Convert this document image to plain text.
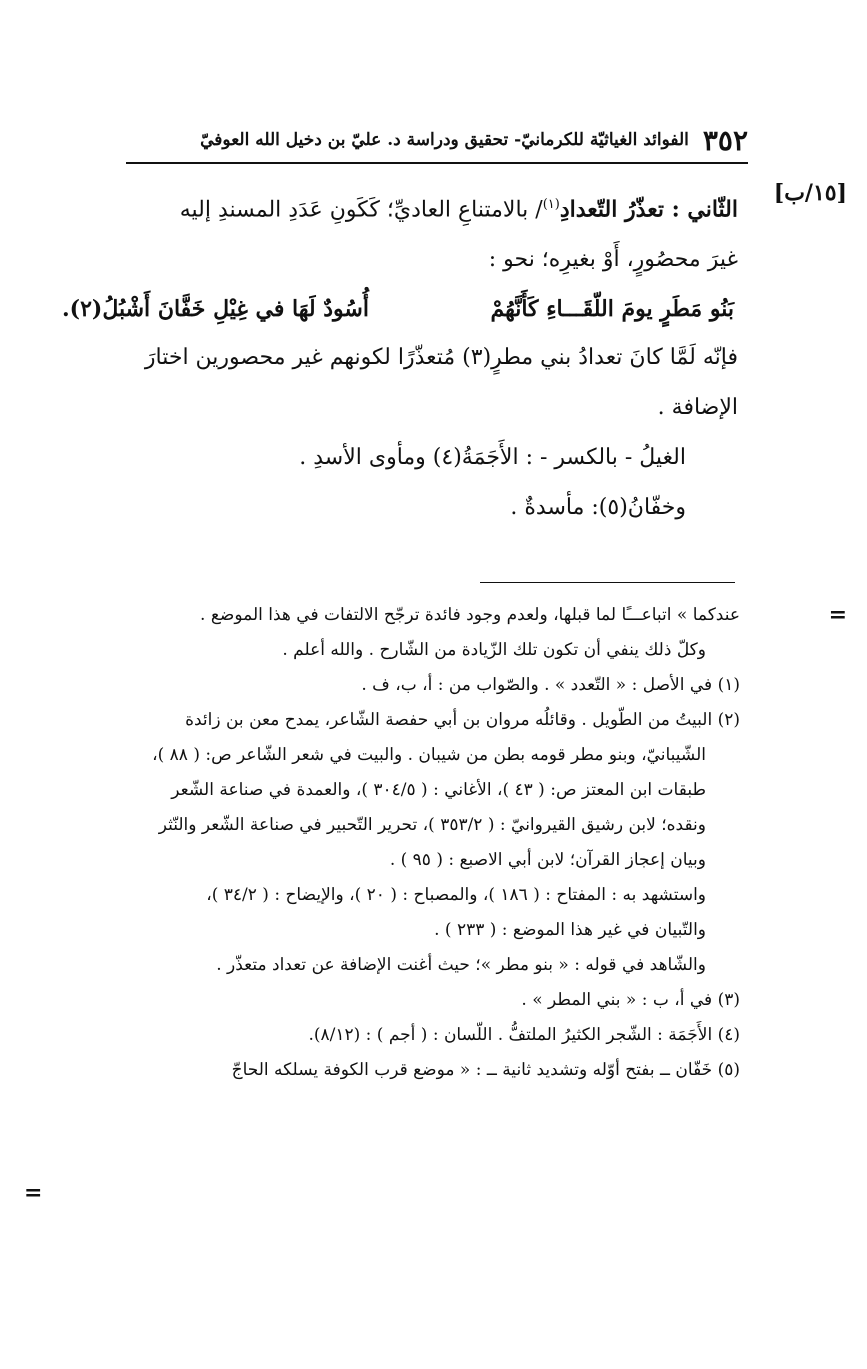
٣٥٢
الفوائد الغياثيّة للكرمانيّ- تحقيق ودراسة د. عليّ بن دخيل الله العوفيّ
[١٥/ب]

الثّاني : تعذّرُ التّعدادِ$^{(١)}$/ بالامتناعِ العاديِّ؛ كَكَونِ عَدَدِ المسندِ إليه

غيرَ محصُورٍ، أَوْ بغيرِه؛ نحو :

بَنُو مَطَرٍ يومَ اللّقَـــاءِ كَأَنَّهُمْ
أُسُودٌ لَهَا في غِيْلِ خَفَّانَ أَشْبُلُ(٢).

فإنّه لَمَّا كانَ تعدادُ بني مطرٍ(٣) مُتعذّرًا لكونهم غير محصورين اختارَ

الإضافة .

الغيلُ - بالكسر - : الأَجَمَةُ(٤) ومأوى الأسدِ .

وخفّانُ(٥): مأسدةٌ .

=

عندكما » اتباعـــًا لما قبلها، ولعدم وجود فائدة ترجّح الالتفات في هذا الموضع .

وكلّ ذلك ينفي أن تكون تلك الزّيادة من الشّارح . والله أعلم .

(١) في الأصل : « التّعدد » . والصّواب من : أ، ب، ف .

(٢) البيتُ من الطّويل . وقائلُه مروان بن أبي حفصة الشّاعر، يمدح معن بن زائدة

الشّيبانيّ، وبنو مطر قومه بطن من شيبان . والبيت في شعر الشّاعر ص: ( ٨٨ )،

طبقات ابن المعتز ص: ( ٤٣ )، الأغاني : ( ٣٠٤/٥ )، والعمدة في صناعة الشّعر

ونقده؛ لابن رشيق القيروانيّ : ( ٣٥٣/٢ )، تحرير التّحبير في صناعة الشّعر والنّثر

وبيان إعجاز القرآن؛ لابن أبي الاصبع : ( ٩٥ ) .

واستشهد به : المفتاح : ( ١٨٦ )، والمصباح : ( ٢٠ )، والإيضاح : ( ٣٤/٢ )،

والتّبيان في غير هذا الموضع : ( ٢٣٣ ) .

والشّاهد في قوله : « بنو مطر »؛ حيث أغنت الإضافة عن تعداد متعذّر .

(٣) في أ، ب : « بني المطر » .

(٤) الأَجَمَة : الشّجر الكثيرُ الملتفُّ . اللّسان : ( أجم ) : (٨/١٢).

(٥) خَفّان ــ بفتح أوّله وتشديد ثانية ــ : « موضع قرب الكوفة يسلكه الحاجّ

=
